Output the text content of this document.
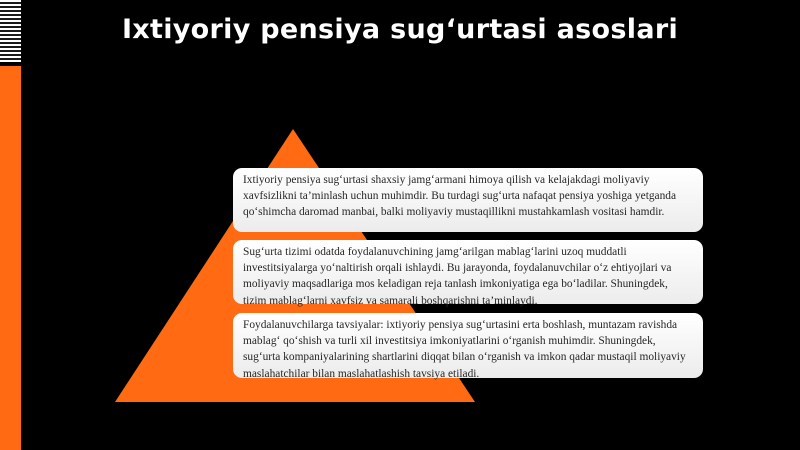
Ixtiyoriy pensiya sug‘urtasi asoslari
Ixtiyoriy pensiya sug‘urtasi shaxsiy jamg‘armani himoya qilish va kelajakdagi moliyaviy xavfsizlikni ta’minlash uchun muhimdir. Bu turdagi sug‘urta nafaqat pensiya yoshiga yetganda qo‘shimcha daromad manbai, balki moliyaviy mustaqillikni mustahkamlash vositasi hamdir.
Sug‘urta tizimi odatda foydalanuvchining jamg‘arilgan mablag‘larini uzoq muddatli investitsiyalarga yo‘naltirish orqali ishlaydi. Bu jarayonda, foydalanuvchilar o‘z ehtiyojlari va moliyaviy maqsadlariga mos keladigan reja tanlash imkoniyatiga ega bo‘ladilar. Shuningdek, tizim mablag‘larni xavfsiz va samarali boshqarishni ta’minlaydi.
Foydalanuvchilarga tavsiyalar: ixtiyoriy pensiya sug‘urtasini erta boshlash, muntazam ravishda mablag‘ qo‘shish va turli xil investitsiya imkoniyatlarini o‘rganish muhimdir. Shuningdek, sug‘urta kompaniyalarining shartlarini diqqat bilan o‘rganish va imkon qadar mustaqil moliyaviy maslahatchilar bilan maslahatlashish tavsiya etiladi.
